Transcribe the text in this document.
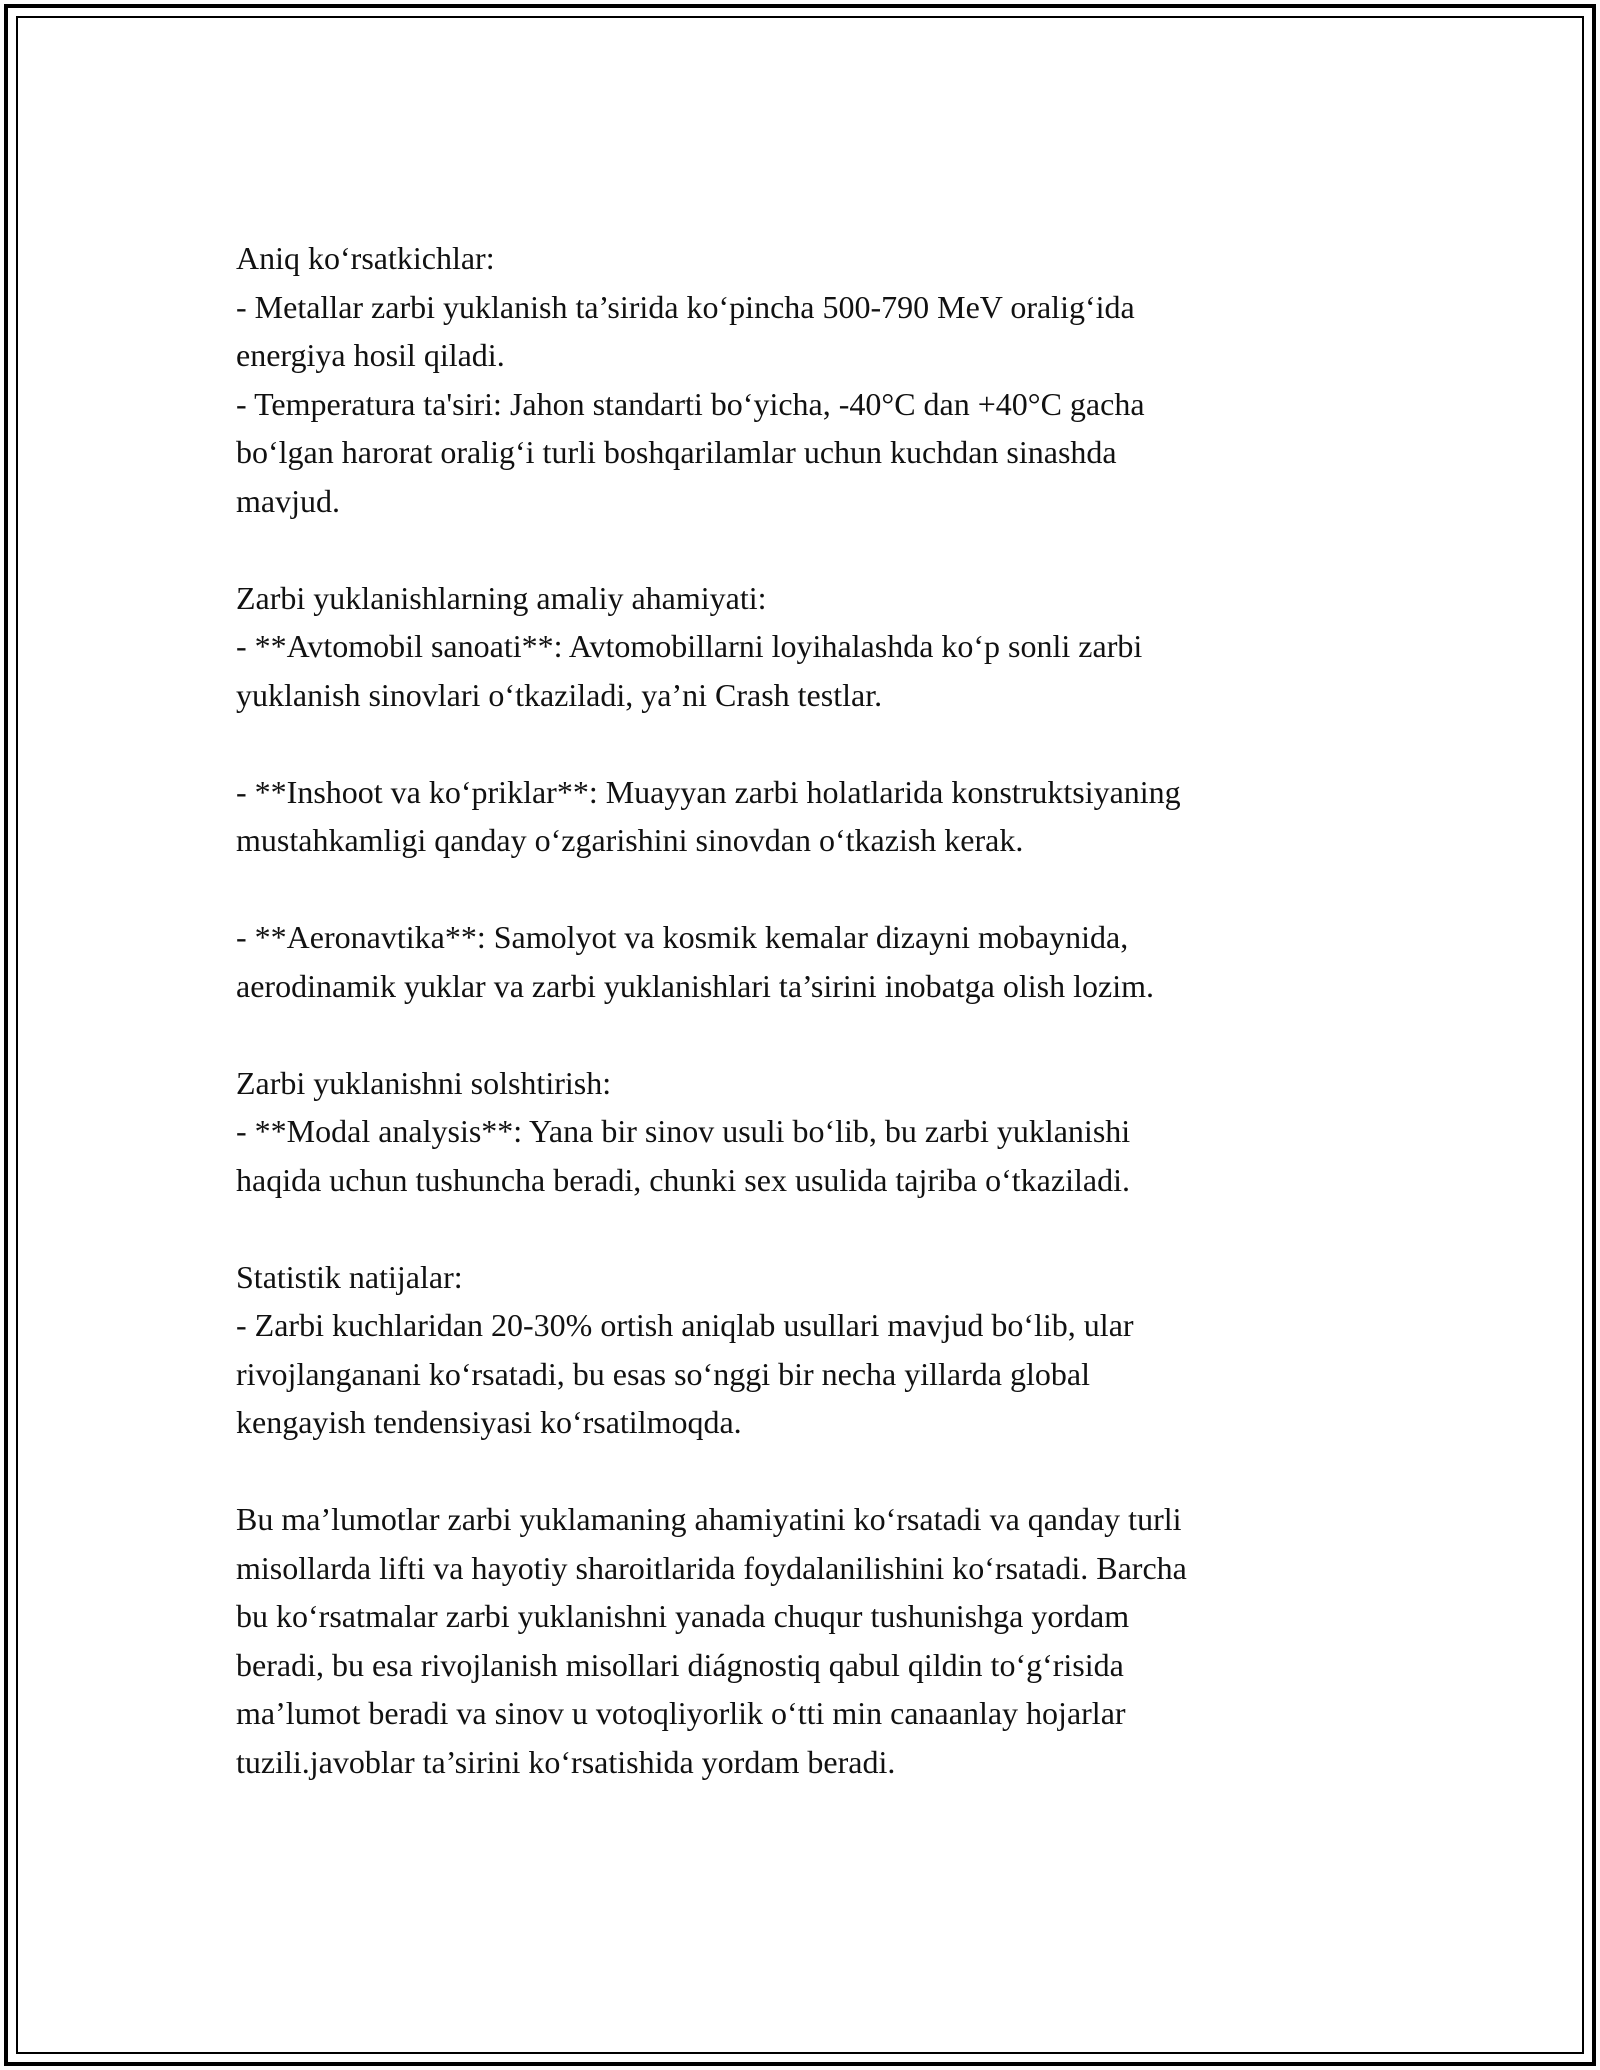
Aniq ko‘rsatkichlar:
- Metallar zarbi yuklanish ta’sirida ko‘pincha 500-790 MeV oralig‘ida
energiya hosil qiladi.
- Temperatura ta'siri: Jahon standarti bo‘yicha, -40°C dan +40°C gacha
bo‘lgan harorat oralig‘i turli boshqarilamlar uchun kuchdan sinashda
mavjud.
Zarbi yuklanishlarning amaliy ahamiyati:
- **Avtomobil sanoati**: Avtomobillarni loyihalashda ko‘p sonli zarbi
yuklanish sinovlari o‘tkaziladi, ya’ni Crash testlar.
- **Inshoot va ko‘priklar**: Muayyan zarbi holatlarida konstruktsiyaning
mustahkamligi qanday o‘zgarishini sinovdan o‘tkazish kerak.
- **Aeronavtika**: Samolyot va kosmik kemalar dizayni mobaynida,
aerodinamik yuklar va zarbi yuklanishlari ta’sirini inobatga olish lozim.
Zarbi yuklanishni solshtirish:
- **Modal analysis**: Yana bir sinov usuli bo‘lib, bu zarbi yuklanishi
haqida uchun tushuncha beradi, chunki sex usulida tajriba o‘tkaziladi.
Statistik natijalar:
- Zarbi kuchlaridan 20-30% ortish aniqlab usullari mavjud bo‘lib, ular
rivojlanganani ko‘rsatadi, bu esas so‘nggi bir necha yillarda global
kengayish tendensiyasi ko‘rsatilmoqda.
Bu ma’lumotlar zarbi yuklamaning ahamiyatini ko‘rsatadi va qanday turli
misollarda lifti va hayotiy sharoitlarida foydalanilishini ko‘rsatadi. Barcha
bu ko‘rsatmalar zarbi yuklanishni yanada chuqur tushunishga yordam
beradi, bu esa rivojlanish misollari diágnostiq qabul qildin to‘g‘risida
ma’lumot beradi va sinov u votoqliyorlik o‘tti min canaanlay hojarlar
tuzili.javoblar ta’sirini ko‘rsatishida yordam beradi.
